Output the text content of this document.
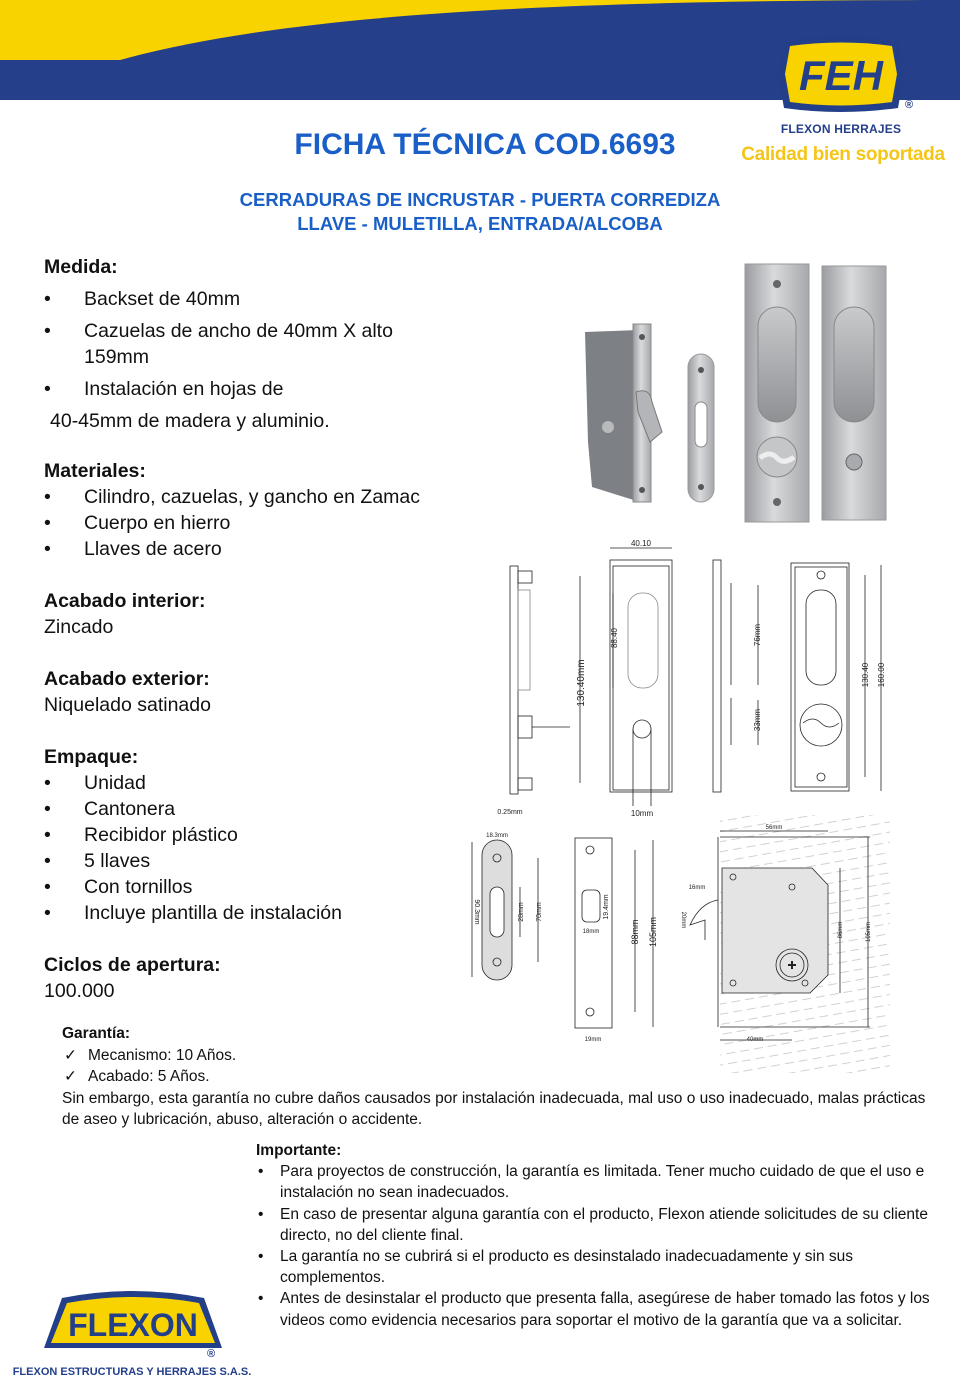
FEH
®
FLEXON HERRAJES
Calidad bien soportada
FICHA TÉCNICA COD.6693
CERRADURAS DE INCRUSTAR - PUERTA CORREDIZA
LLAVE - MULETILLA, ENTRADA/ALCOBA

Medida:

• Backset de 40mm
• Cazuelas de ancho de 40mm X alto 159mm
• Instalación en hojas de

40-45mm de madera y aluminio.

Materiales:

• Cilindro, cazuelas, y gancho en Zamac
• Cuerpo en hierro
• Llaves de acero

Acabado interior:

Zincado

Acabado exterior:

Niquelado satinado

Empaque:

• Unidad
• Cantonera
• Recibidor plástico
• 5 llaves
• Con tornillos
• Incluye plantilla de instalación

Ciclos de apertura:

100.000

40.10
130.40mm
88.40
10mm
0.25mm
76mm
33mm
130.40 160.00
18.3mm
90.3mm	28mm 70mm	19.4mm
18mm	88mm 105mm
19mm
56mm
16mm
20mm
86mm	105mm
40mm
Garantía:
✓ Mecanismo: 10 Años.
✓ Acabado: 5 Años.
Sin embargo, esta garantía no cubre daños causados por instalación inadecuada, mal uso o uso inadecuado, malas prácticas de aseo y lubricación, abuso, alteración o accidente.
Importante:
• Para proyectos de construcción, la garantía es limitada. Tener mucho cuidado de que el uso e instalación no sean inadecuados.
• En caso de presentar alguna garantía con el producto, Flexon atiende solicitudes de su cliente directo, no del cliente final.
• La garantía no se cubrirá si el producto es desinstalado inadecuadamente y sin sus complementos.
• Antes de desinstalar el producto que presenta falla, asegúrese de haber tomado las fotos y los videos como evidencia necesarios para soportar el motivo de la garantía que va a solicitar.
FLEXON
®
FLEXON ESTRUCTURAS Y HERRAJES S.A.S.
